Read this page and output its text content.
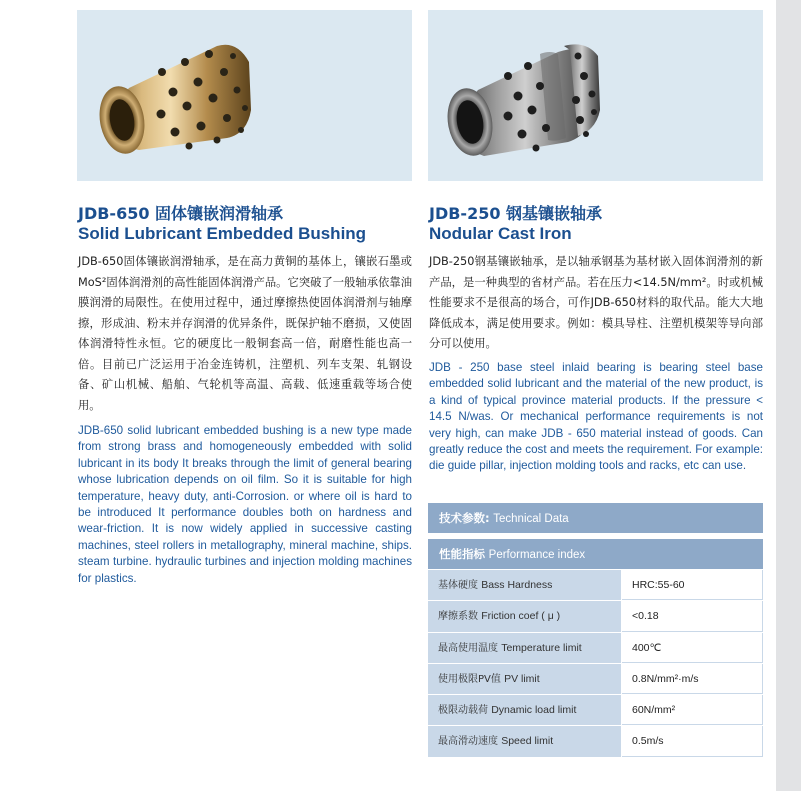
JDB-650 固体镶嵌润滑轴承
Solid Lubricant Embedded Bushing
JDB-650固体镶嵌润滑轴承，是在高力黄铜的基体上，镶嵌石墨或MoS²固体润滑剂的高性能固体润滑产品。它突破了一般轴承依靠油膜润滑的局限性。在使用过程中，通过摩擦热使固体润滑剂与轴摩擦，形成油、粉末并存润滑的优异条件，既保护轴不磨损，又使固体润滑特性永恒。它的硬度比一般铜套高一倍，耐磨性能也高一倍。目前已广泛运用于冶金连铸机，注塑机、列车支架、轧钢设备、矿山机械、船舶、气轮机等高温、高载、低速重载等场合使用。
JDB-650 solid lubricant embedded bushing is a new type made from strong brass and homogeneously embedded with solid lubricant in its body It breaks through the limit of general bearing whose lubrication depends on oil film. So it is suitable for high temperature, heavy duty, anti-Corrosion. or where oil is hard to be introduced It performance doubles both on hardness and wear-friction. It is now widely applied in successive casting machines, steel rollers in metallography, mineral machine, ships. steam turbine. hydraulic turbines and injection molding machines for plastics.
JDB-250 钢基镶嵌轴承
Nodular Cast Iron
JDB-250钢基镶嵌轴承，是以轴承钢基为基材嵌入固体润滑剂的新产品，是一种典型的省材产品。若在压力<14.5N/mm²。时或机械性能要求不是很高的场合，可作JDB-650材料的取代品。能大大地降低成本，满足使用要求。例如：模具导柱、注塑机模架等导向部分可以使用。
JDB - 250 base steel inlaid bearing is bearing steel base embedded solid lubricant and the material of the new product, is a kind of typical province material products. If the pressure < 14.5 N/was. Or mechanical performance requirements is not very high, can make JDB - 650 material instead of goods. Can greatly reduce the cost and meets the requirement. For example: die guide pillar, injection molding tools and racks, etc can use.
技术参数: Technical Data
性能指标 Performance index
基体硬度 Bass Hardness	HRC:55-60
摩擦系数 Friction coef ( μ )	<0.18
最高使用温度 Temperature limit	400℃
使用极限PV值 PV limit	0.8N/mm²·m/s
极限动载荷 Dynamic load limit	60N/mm²
最高滑动速度 Speed limit	0.5m/s
